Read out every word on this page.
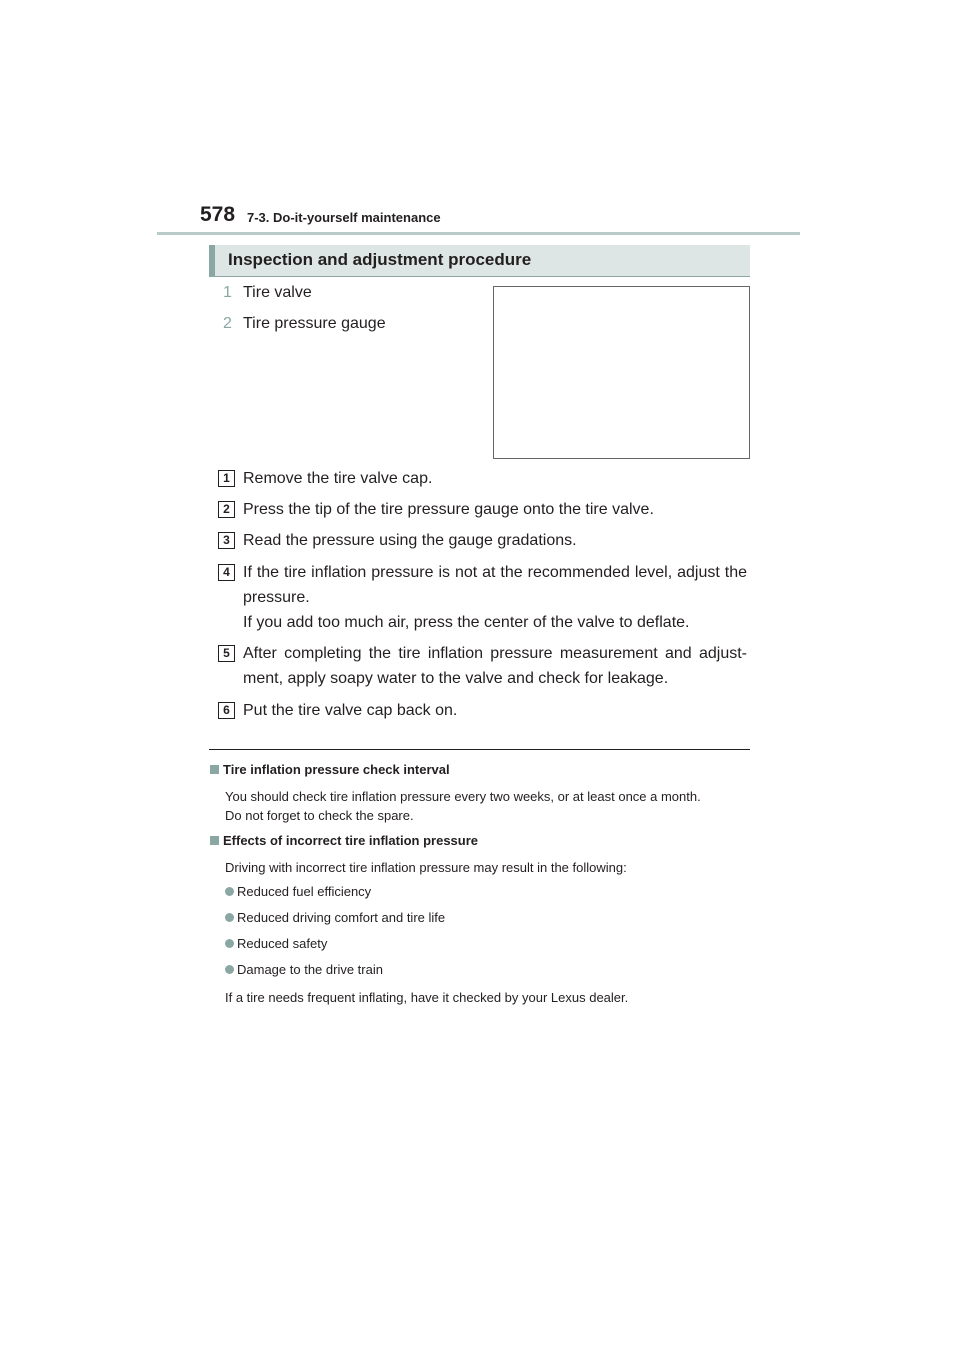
578 7-3. Do-it-yourself maintenance
Inspection and adjustment procedure
1 Tire valve
2 Tire pressure gauge
1 Remove the tire valve cap.
2 Press the tip of the tire pressure gauge onto the tire valve.
3 Read the pressure using the gauge gradations.
4 If the tire inflation pressure is not at the recommended level, adjust the pressure.
If you add too much air, press the center of the valve to deflate.
5 After completing the tire inflation pressure measurement and adjust-ment, apply soapy water to the valve and check for leakage.
6 Put the tire valve cap back on.
Tire inflation pressure check interval
You should check tire inflation pressure every two weeks, or at least once a month.
Do not forget to check the spare.
Effects of incorrect tire inflation pressure
Driving with incorrect tire inflation pressure may result in the following:
Reduced fuel efficiency
Reduced driving comfort and tire life
Reduced safety
Damage to the drive train
If a tire needs frequent inflating, have it checked by your Lexus dealer.
